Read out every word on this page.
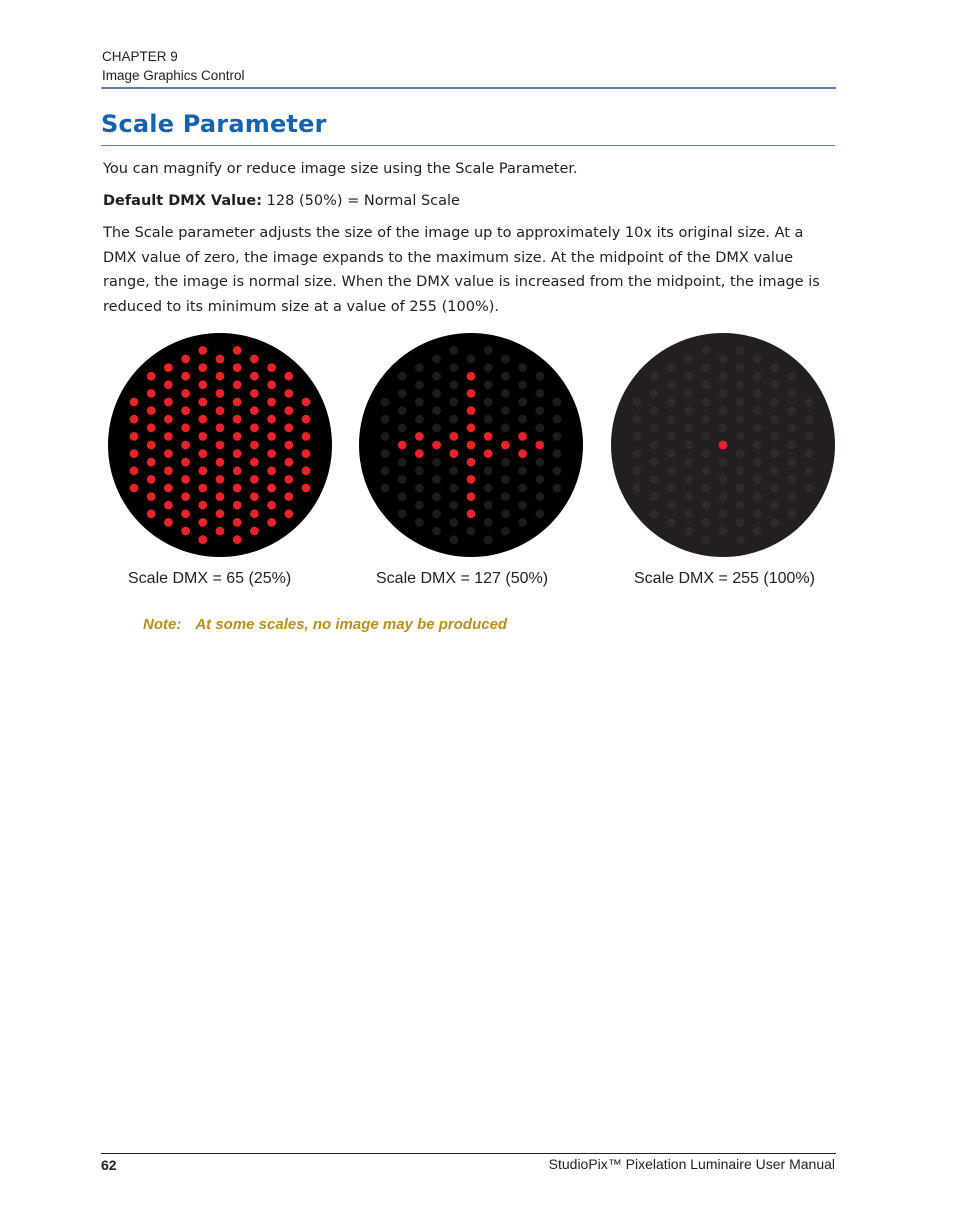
CHAPTER 9
Image Graphics Control
Scale Parameter

You can magnify or reduce image size using the Scale Parameter.

Default DMX Value: 128 (50%) = Normal Scale

The Scale parameter adjusts the size of the image up to approximately 10x its original size. At a DMX value of zero, the image expands to the maximum size. At the midpoint of the DMX value range, the image is normal size. When the DMX value is increased from the midpoint, the image is reduced to its minimum size at a value of 255 (100%).

Scale DMX = 65 (25%)	Scale DMX = 127 (50%)	Scale DMX = 255 (100%)
Note: At some scales, no image may be produced
62	StudioPix™ Pixelation Luminaire User Manual
